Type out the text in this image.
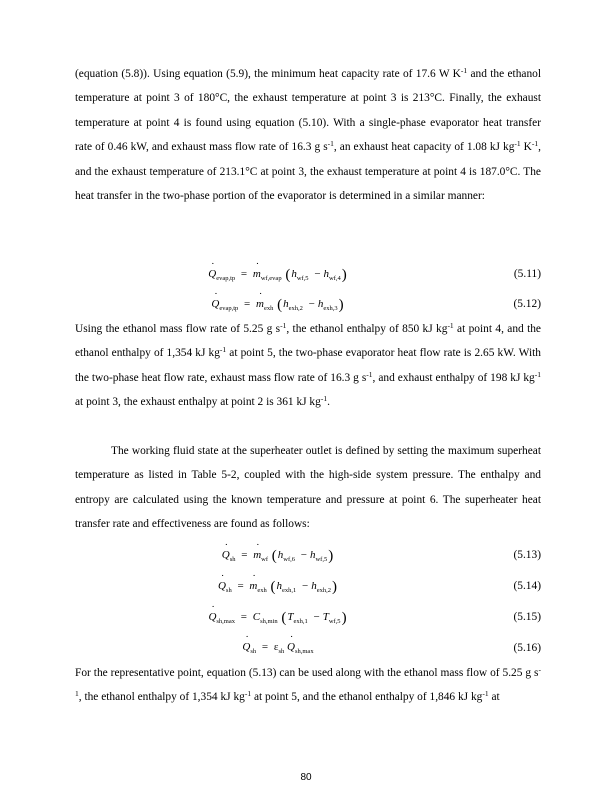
(equation (5.8)). Using equation (5.9), the minimum heat capacity rate of 17.6 W $K^{-1}$ and the ethanol temperature at point 3 of 180°C, the exhaust temperature at point 3 is 213°C. Finally, the exhaust temperature at point 4 is found using equation (5.10). With a single-phase evaporator heat transfer rate of 0.46 kW, and exhaust mass flow rate of 16.3 g $s^{-1}$, an exhaust heat capacity of 1.08 kJ $kg^{-1}$ $K^{-1}$, and the exhaust temperature of 213.1°C at point 3, the exhaust temperature at point 4 is 187.0°C. The heat transfer in the two-phase portion of the evaporator is determined in a similar manner:

˙ $Q_{evap,tp}$ = ˙ $m_{wf,evap}$ $(h_{wf,5} - h_{wf,4})$	(5.11)
˙ $Q_{evap,tp}$ = ˙ $m_{exh}$ $(h_{exh,2} - h_{exh,3})$	(5.12)

Using the ethanol mass flow rate of 5.25 g $s^{-1}$, the ethanol enthalpy of 850 kJ $kg^{-1}$ at point 4, and the ethanol enthalpy of 1,354 kJ $kg^{-1}$ at point 5, the two-phase evaporator heat flow rate is 2.65 kW. With the two-phase heat flow rate, exhaust mass flow rate of 16.3 g $s^{-1}$, and exhaust enthalpy of 198 kJ $kg^{-1}$ at point 3, the exhaust enthalpy at point 2 is 361 kJ $kg^{-1}$.

The working fluid state at the superheater outlet is defined by setting the maximum superheat temperature as listed in Table 5-2, coupled with the high-side system pressure. The enthalpy and entropy are calculated using the known temperature and pressure at point 6. The superheater heat transfer rate and effectiveness are found as follows:

˙ $Q_{sh}$ = ˙ $m_{wf}$ $(h_{wf,6} - h_{wf,5})$	(5.13)
˙ $Q_{sh}$ = ˙ $m_{exh}$ $(h_{exh,1} - h_{exh,2})$	(5.14)
˙ $Q_{sh,max} = C_{sh,min}$ $(T_{exh,1} - T_{wf,5})$	(5.15)
˙ $Q_{sh} = \varepsilon_{sh}$ ˙ $Q_{sh,max}$	(5.16)

For the representative point, equation (5.13) can be used along with the ethanol mass flow of 5.25 g $s^{-1}$, the ethanol enthalpy of 1,354 kJ $kg^{-1}$ at point 5, and the ethanol enthalpy of 1,846 kJ $kg^{-1}$ at

80
